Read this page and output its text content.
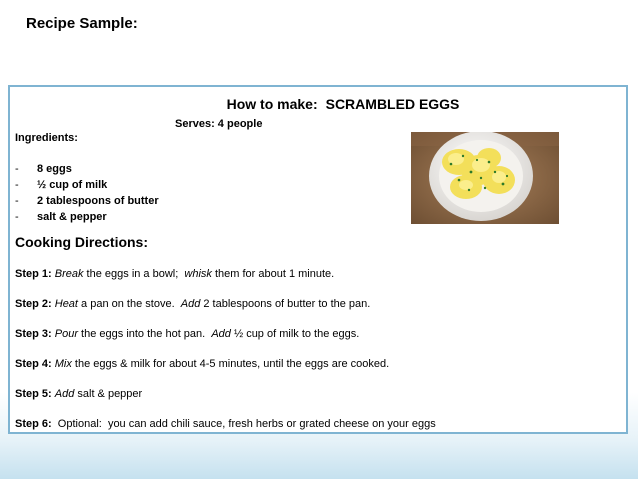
Recipe Sample:
How to make: SCRAMBLED EGGS
Serves: 4 people
Ingredients:
- 8 eggs
- ½ cup of milk
- 2 tablespoons of butter
- salt & pepper
Cooking Directions:
Step 1: Break the eggs in a bowl;  whisk them for about 1 minute.
Step 2: Heat a pan on the stove.  Add 2 tablespoons of butter to the pan.
Step 3: Pour the eggs into the hot pan.  Add ½ cup of milk to the eggs.
Step 4: Mix the eggs & milk for about 4-5 minutes, until the eggs are cooked.
Step 5: Add salt & pepper
Step 6:  Optional:  you can add chili sauce, fresh herbs or grated cheese on your eggs
